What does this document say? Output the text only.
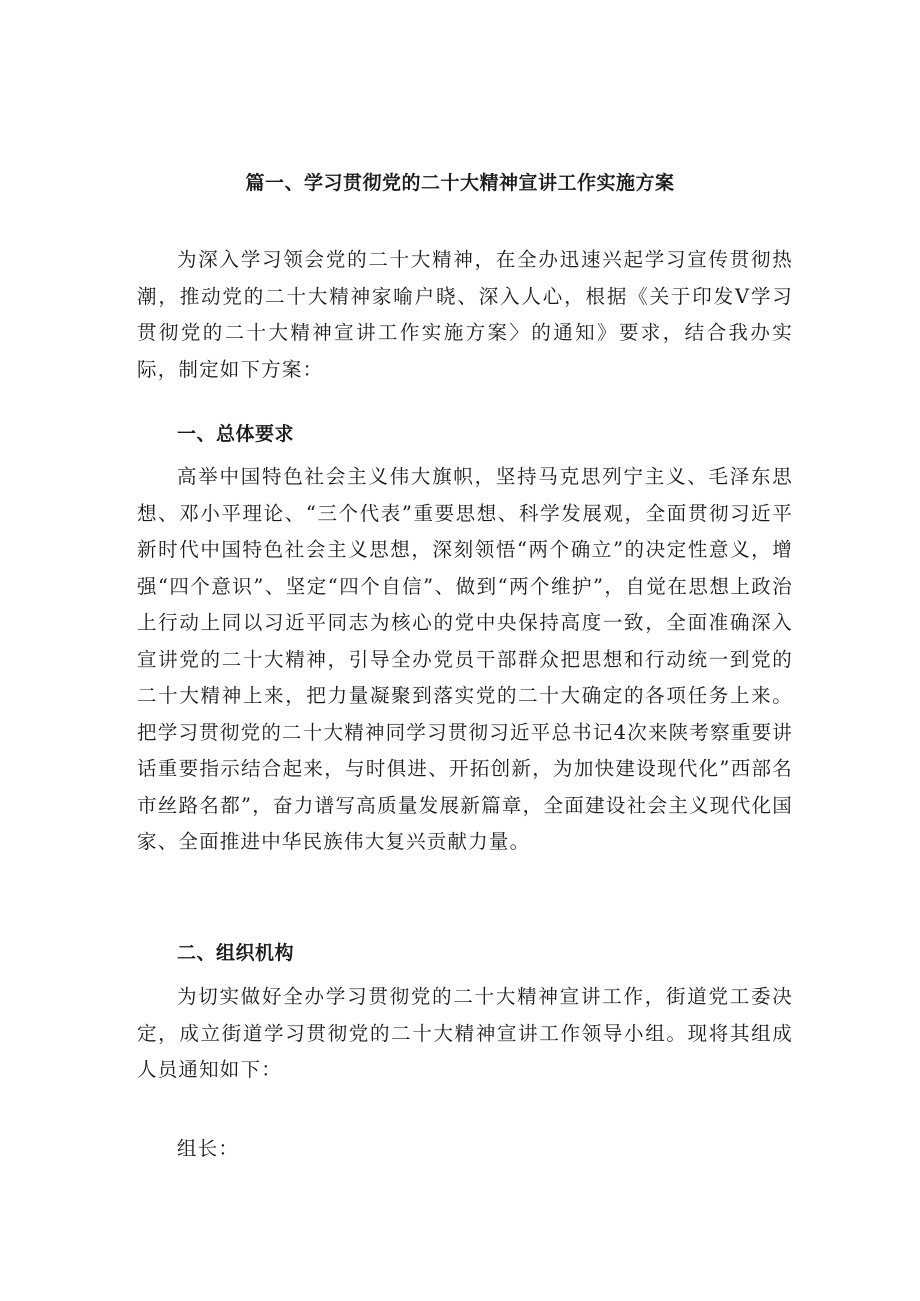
篇一、学习贯彻党的二十大精神宣讲工作实施方案

为深入学习领会党的二十大精神，在全办迅速兴起学习宣传贯彻热潮，推动党的二十大精神家喻户晓、深入人心，根据《关于印发V学习贯彻党的二十大精神宣讲工作实施方案〉的通知》要求，结合我办实际，制定如下方案：

一、总体要求

高举中国特色社会主义伟大旗帜，坚持马克思列宁主义、毛泽东思想、邓小平理论、“三个代表”重要思想、科学发展观，全面贯彻习近平新时代中国特色社会主义思想，深刻领悟“两个确立”的决定性意义，增强“四个意识”、坚定“四个自信”、做到“两个维护”，自觉在思想上政治上行动上同以习近平同志为核心的党中央保持高度一致，全面准确深入宣讲党的二十大精神，引导全办党员干部群众把思想和行动统一到党的二十大精神上来，把力量凝聚到落实党的二十大确定的各项任务上来。把学习贯彻党的二十大精神同学习贯彻习近平总书记4次来陕考察重要讲话重要指示结合起来，与时俱进、开拓创新，为加快建设现代化”西部名市丝路名都”，奋力谱写高质量发展新篇章，全面建设社会主义现代化国家、全面推进中华民族伟大复兴贡献力量。

二、组织机构

为切实做好全办学习贯彻党的二十大精神宣讲工作，街道党工委决定，成立街道学习贯彻党的二十大精神宣讲工作领导小组。现将其组成人员通知如下：

组长：
